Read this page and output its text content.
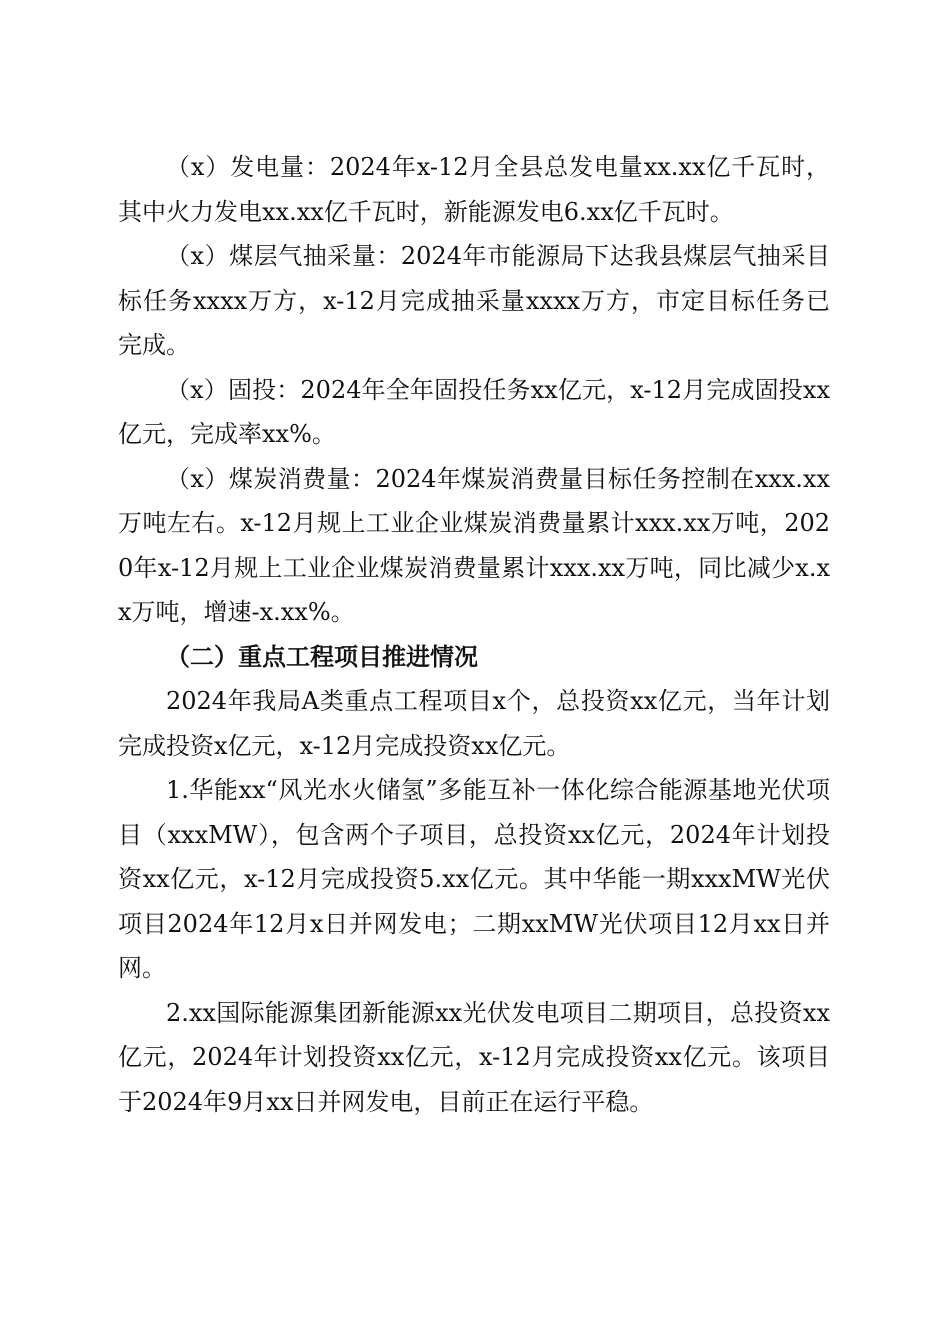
（x）发电量：2024年x-12月全县总发电量xx.xx亿千瓦时，其中火力发电xx.xx亿千瓦时，新能源发电6.xx亿千瓦时。

（x）煤层气抽采量：2024年市能源局下达我县煤层气抽采目标任务xxxx万方，x-12月完成抽采量xxxx万方，市定目标任务已完成。

（x）固投：2024年全年固投任务xx亿元，x-12月完成固投xx亿元，完成率xx%。

（x）煤炭消费量：2024年煤炭消费量目标任务控制在xxx.xx万吨左右。x-12月规上工业企业煤炭消费量累计xxx.xx万吨，2020年x-12月规上工业企业煤炭消费量累计xxx.xx万吨，同比减少x.xx万吨，增速-x.xx%。

（二）重点工程项目推进情况

2024年我局A类重点工程项目x个，总投资xx亿元，当年计划完成投资x亿元，x-12月完成投资xx亿元。

1.华能xx“风光水火储氢”多能互补一体化综合能源基地光伏项目（xxxMW），包含两个子项目，总投资xx亿元，2024年计划投资xx亿元，x-12月完成投资5.xx亿元。其中华能一期xxxMW光伏项目2024年12月x日并网发电；二期xxMW光伏项目12月xx日并网。

2.xx国际能源集团新能源xx光伏发电项目二期项目，总投资xx亿元，2024年计划投资xx亿元，x-12月完成投资xx亿元。该项目于2024年9月xx日并网发电，目前正在运行平稳。
